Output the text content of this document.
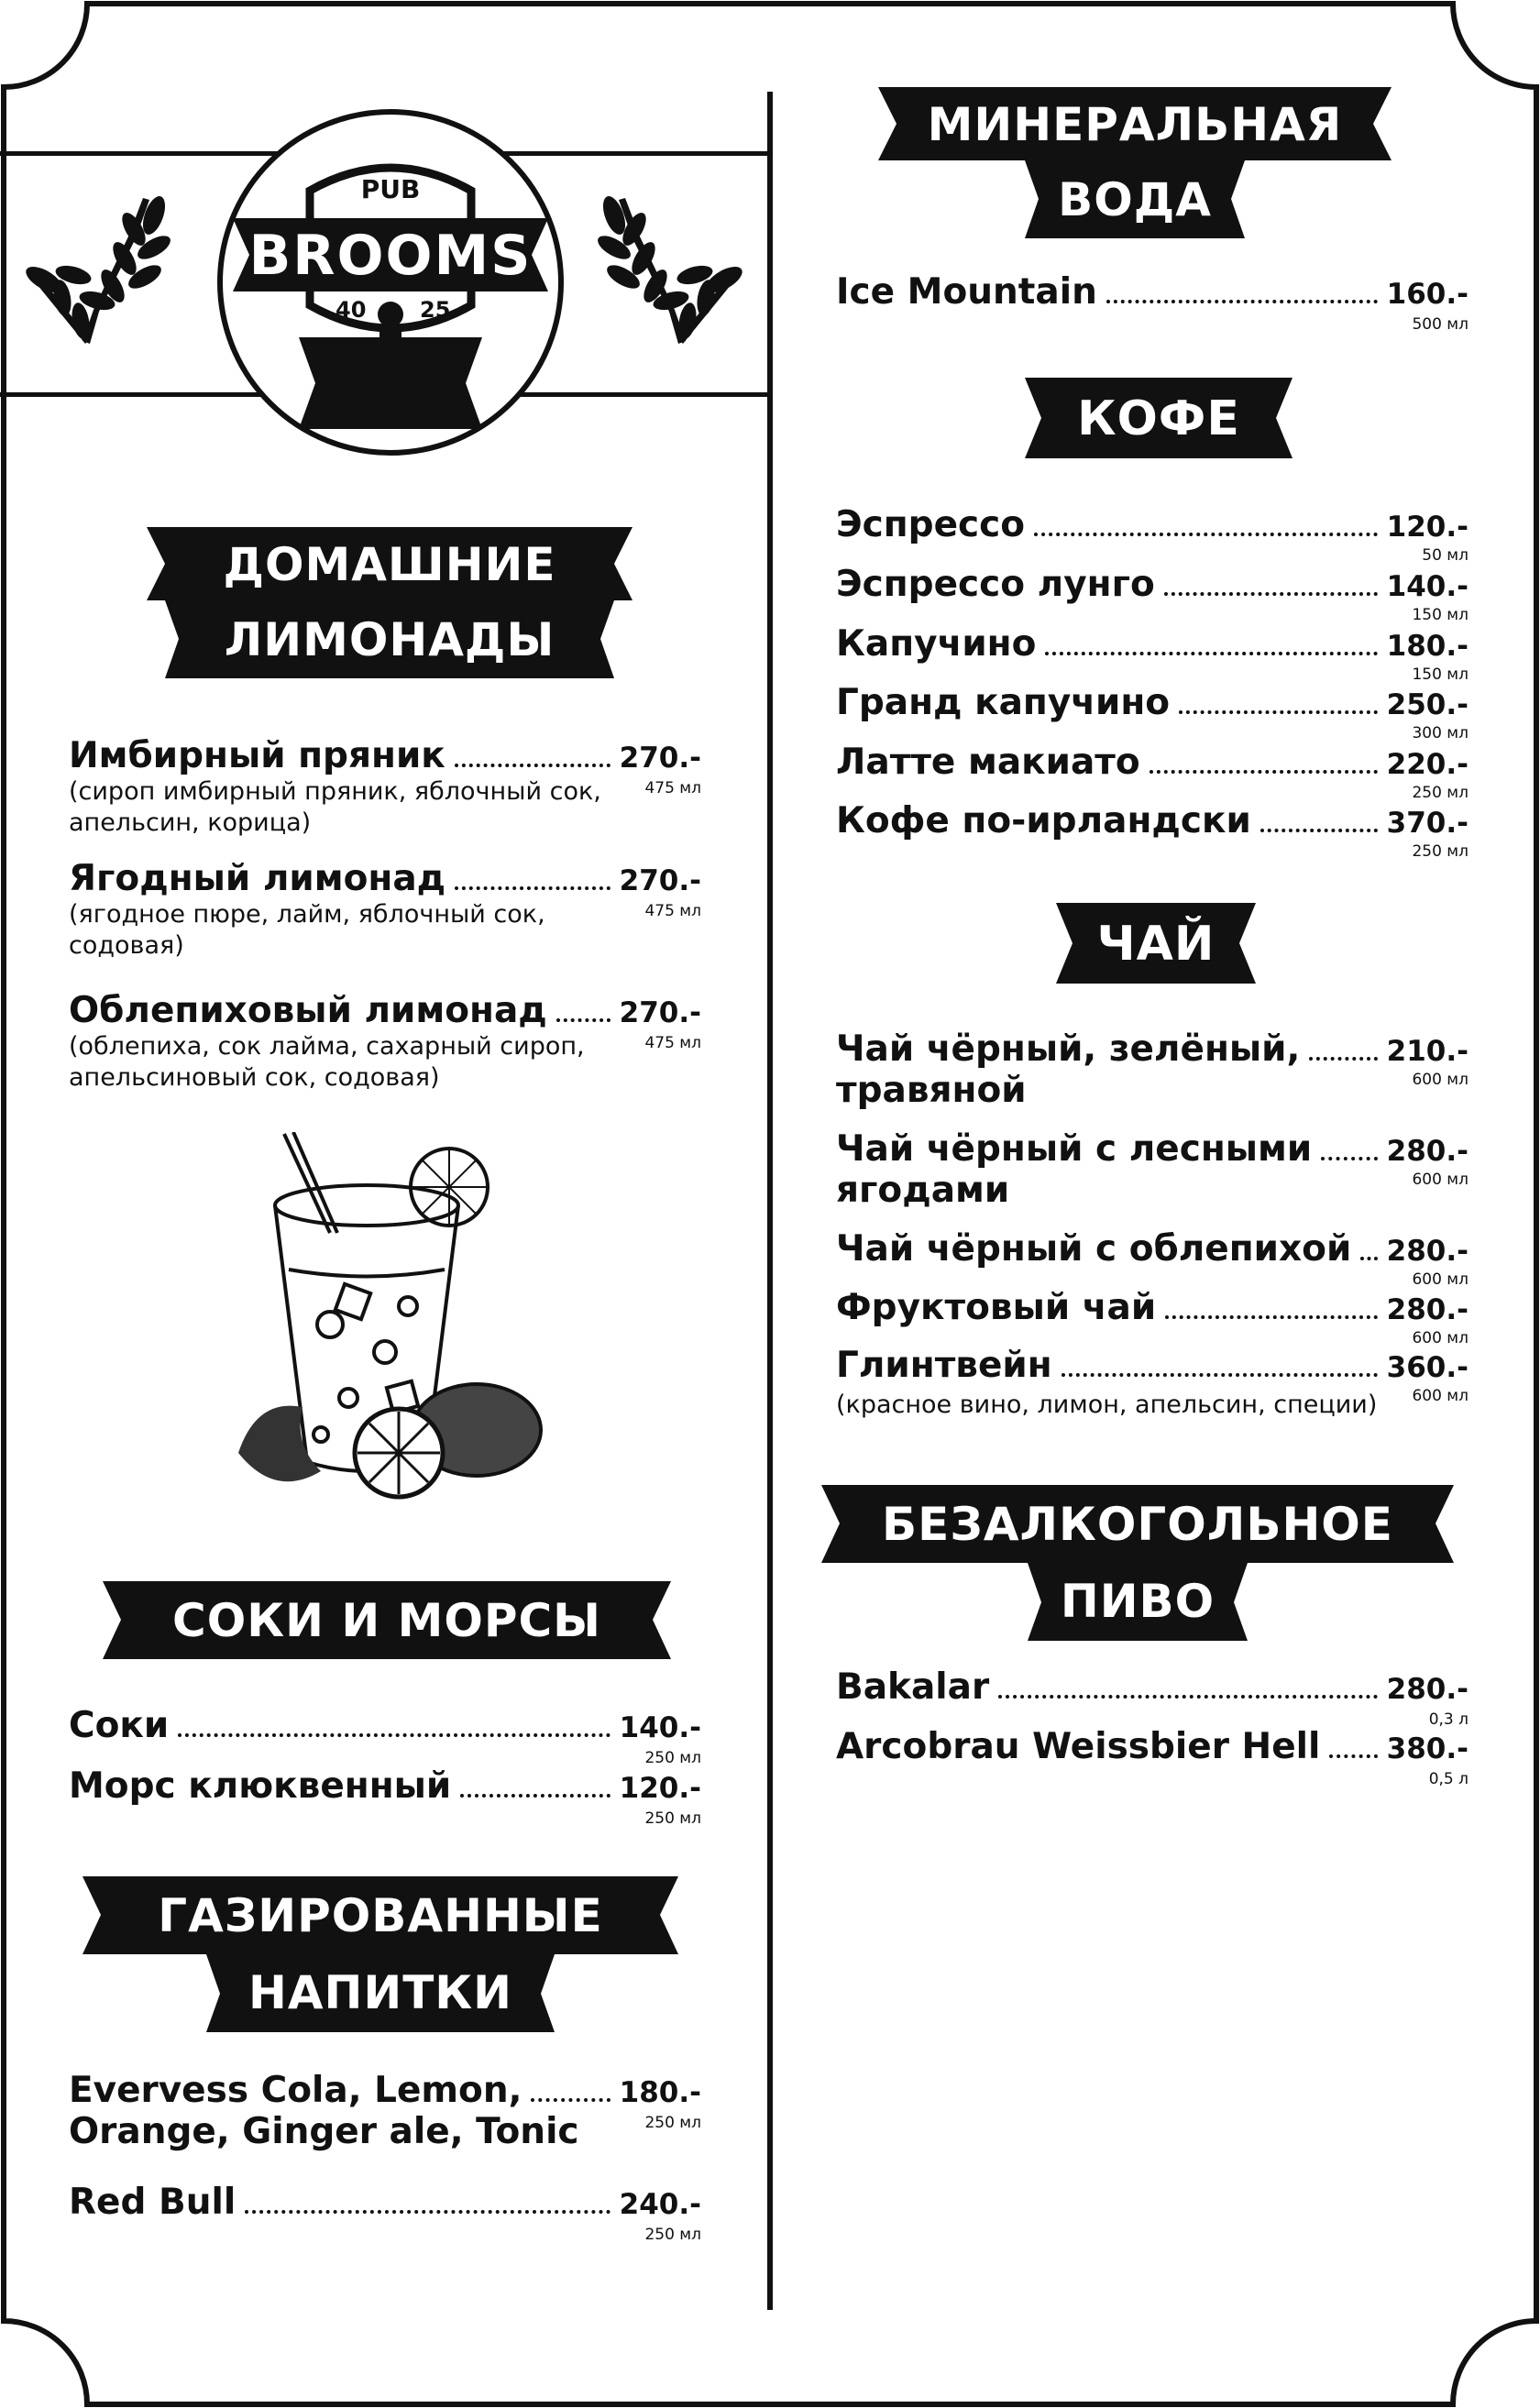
PUB
BROOMS
40 25
ДОМАШНИЕ
ЛИМОНАДЫ
Имбирный пряник	270.-
475 мл
(сироп имбирный пряник, яблочный сок,
апельсин, корица)
Ягодный лимонад	270.-
475 мл
(ягодное пюре, лайм, яблочный сок,
содовая)
Облепиховый лимонад	270.-
475 мл
(облепиха, сок лайма, сахарный сироп,
апельсиновый сок, содовая)
СОКИ И МОРСЫ
Соки	140.-
250 мл
Морс клюквенный	120.-
250 мл
ГАЗИРОВАННЫЕ
НАПИТКИ
Evervess Cola, Lemon,	180.-
250 мл
Orange, Ginger ale, Tonic
Red Bull	240.-
250 мл
МИНЕРАЛЬНАЯ
ВОДА
Ice Mountain	160.-
500 мл
КОФЕ
Эспрессо	120.-
50 мл
Эспрессо лунго	140.-
150 мл
Капучино	180.-
150 мл
Гранд капучино	250.-
300 мл
Латте макиато	220.-
250 мл
Кофе по-ирландски	370.-
250 мл
ЧАЙ
Чай чёрный, зелёный,	210.-
600 мл
травяной
Чай чёрный с лесными	280.-
600 мл
ягодами
Чай чёрный с облепихой 280.-
600 мл
Фруктовый чай	280.-
600 мл
Глинтвейн	360.-
600 мл
(красное вино, лимон, апельсин, специи)
БЕЗАЛКОГОЛЬНОЕ
ПИВО
Bakalar	280.-
0,3 л
Arcobrau Weissbier Hell 380.-
0,5 л
